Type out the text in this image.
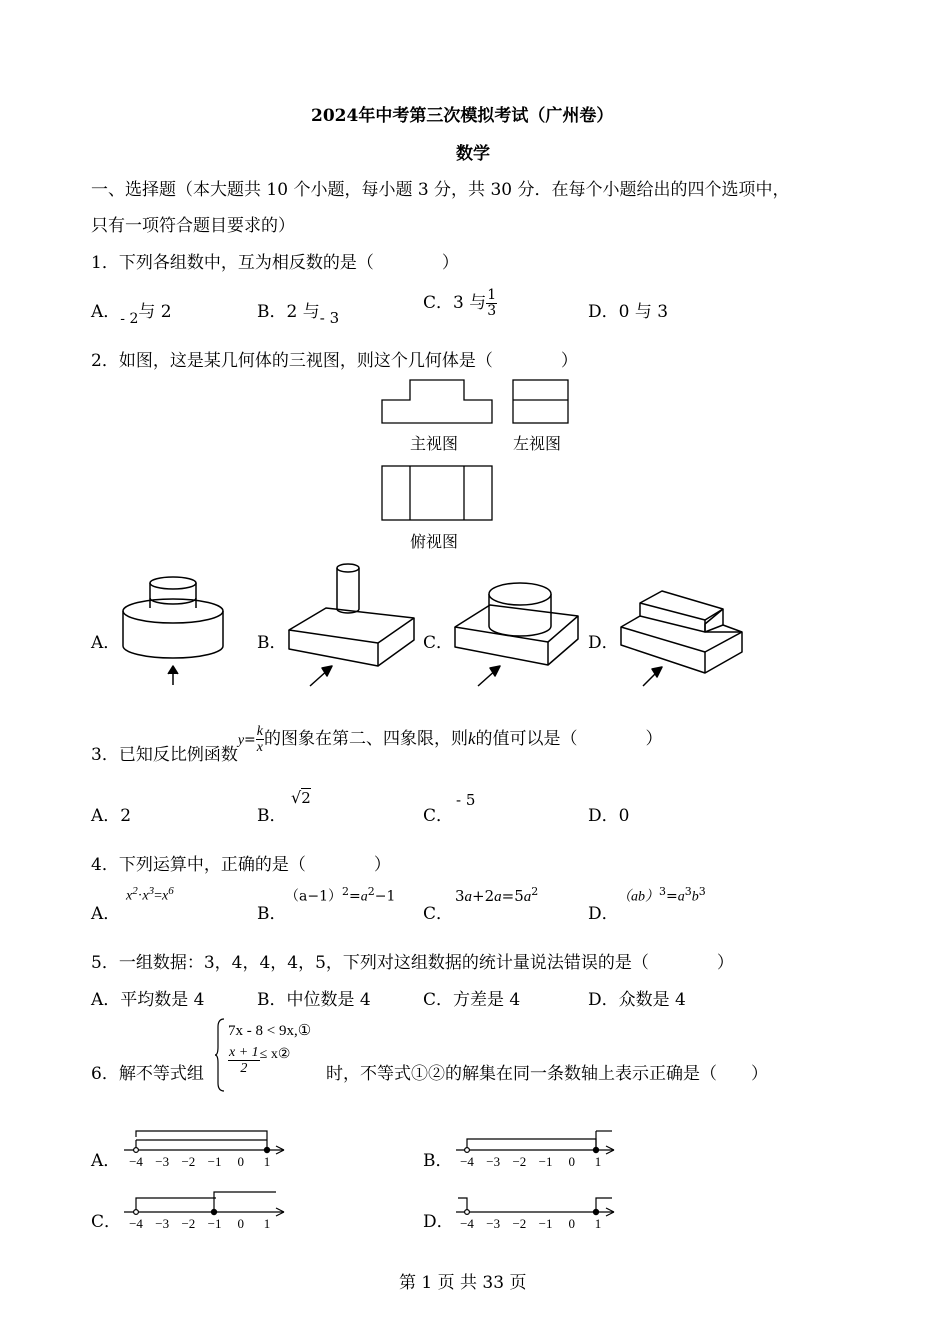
2024年中考第三次模拟考试（广州卷）
数学
一、选择题（本大题共 10 个小题，每小题 3 分，共 30 分．在每个小题给出的四个选项中，
只有一项符合题目要求的）
1．下列各组数中，互为相反数的是（　　　　）
A．$_{- 2}$与 2	B．2 与- 3
C．3 与 $\frac{1}{3}$	D．0 与 3
2．如图，这是某几何体的三视图，则这个几何体是（　　　　）
主视图	左视图
俯视图
A．	B．	C．	D．
3．已知反比例函数$y= \frac{k}{x}$ 的图象在第二、四象限，则k的值可以是（　　　　）
A．2	B．
√2
C．
- 5
D．0
4．下列运算中，正确的是（　　　　）
A．
$x^2\cdot x^3=x^6$
B．
$(a-1)^2=a^2-1$
C．
$3a+2a=5a^2$
D．
$(ab)^3=a^3b^3$
5．一组数据：3，4，4，4，5，下列对这组数据的统计量说法错误的是（　　　　）
A．平均数是 4	B．中位数是 4	C．方差是 4	D．众数是 4
6．解不等式组
7x - 8 < 9x,①
$\frac{x + 1}{2}$ ≤ x②
时，不等式①②的解集在同一条数轴上表示正确是（　　）
A．	B．
C．	D．
−4 −3 −2 −1	0	1	−4 −3 −2 −1	0	1
−4 −3 −2 −1	0	1	−4 −3 −2 −1	0	1
第 1 页 共 33 页
